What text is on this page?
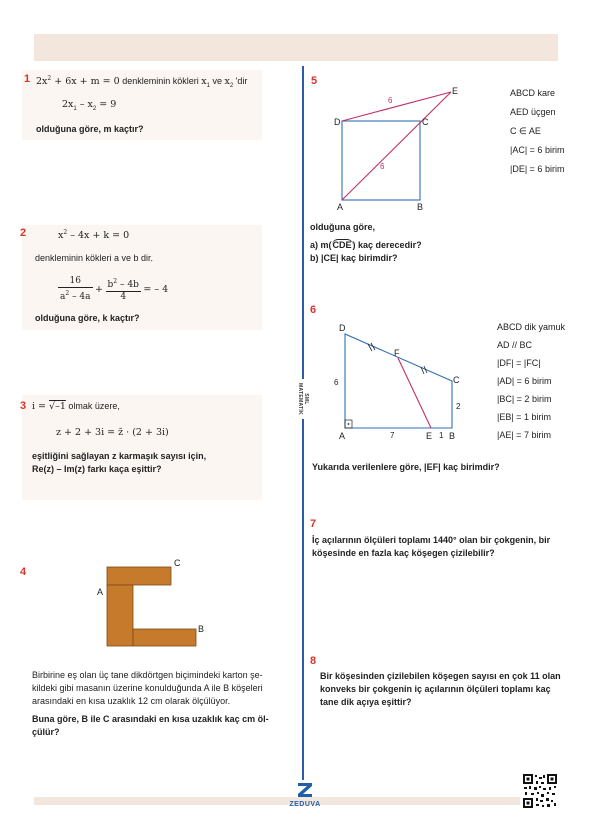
SML MATEMATİK
1 $2x^2 + 6x + m = 0$ denkleminin kökleri $x_1$ ve $x_2$ 'dir
$2x_1 - x_2 = 9$
olduğuna göre, m kaçtır?
2	$x^2 - 4x + k = 0$
denkleminin kökleri a ve b dir.
$\frac{16}{a^2 - 4a} + \frac{b^2 - 4b}{4}$ = – 4
olduğuna göre, k kaçtır?
3 i = √–1 olmak üzere,
z + 2 + 3i = z̄ · (2 + 3i)
eşitliğini sağlayan z karmaşık sayısı için,
Re(z) – Im(z) farkı kaça eşittir?
4
A
C
B
Birbirine eş olan üç tane dikdörtgen biçimindeki karton şe-
kildeki gibi masanın üzerine konulduğunda A ile B köşeleri
arasındaki en kısa uzaklık 12 cm olarak ölçülüyor.
Buna göre, B ile C arasındaki en kısa uzaklık kaç cm öl-
çülür?
5
D	C
A	B
E
6
6
ABCD kare
AED üçgen
C ∈ AE
|AC| = 6 birim
|DE| = 6 birim
olduğuna göre,
a) m(CDE) kaç derecedir?
b) |CE| kaç birimdir?
6
D
F
C
A	E B
6
2
7	1
ABCD dik yamuk
AD // BC
|DF| = |FC|
|AD| = 6 birim
|BC| = 2 birim
|EB| = 1 birim
|AE| = 7 birim
Yukarıda verilenlere göre, |EF| kaç birimdir?
7
İç açılarının ölçüleri toplamı 1440° olan bir çokgenin, bir
köşesinde en fazla kaç köşegen çizilebilir?
8
Bir köşesinden çizilebilen köşegen sayısı en çok 11 olan
konveks bir çokgenin iç açılarının ölçüleri toplamı kaç
tane dik açıya eşittir?
ZEDUVA
